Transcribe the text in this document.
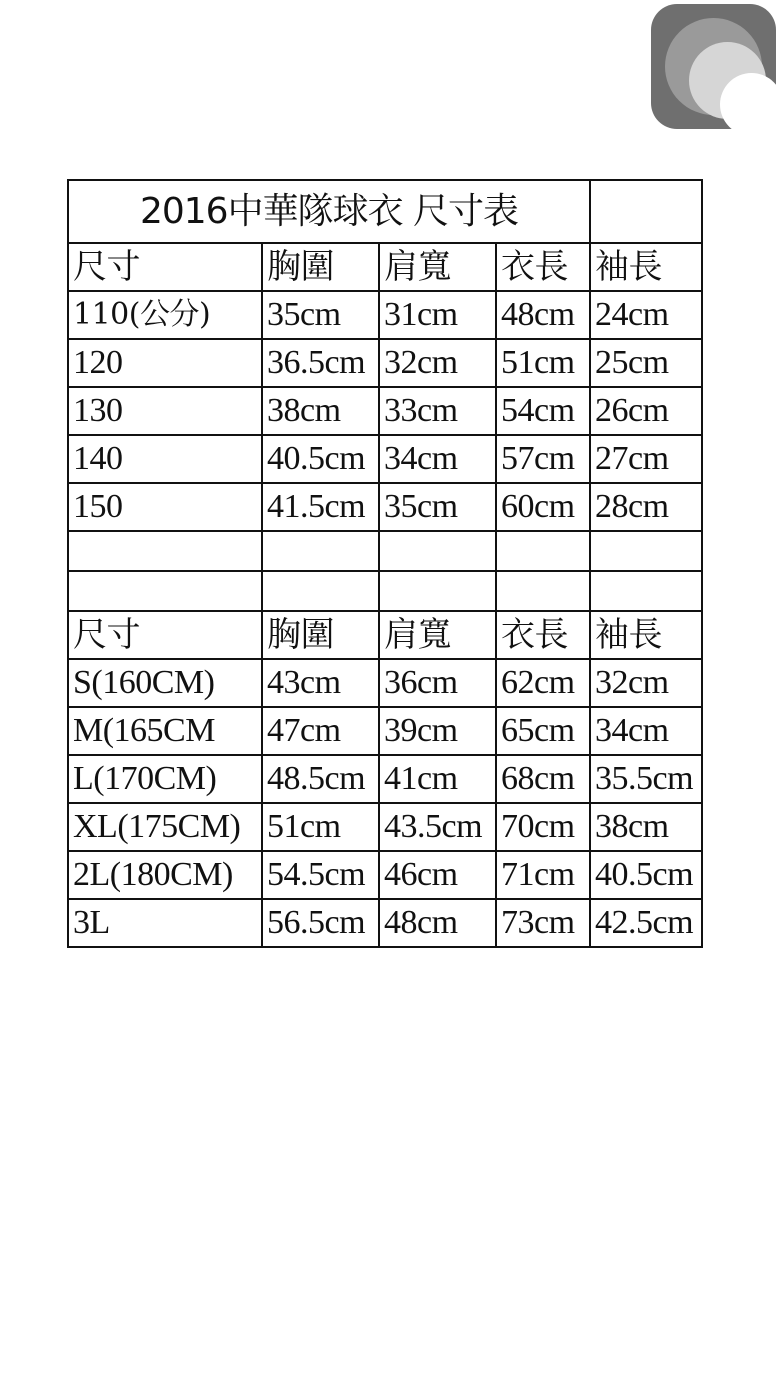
2016中華隊球衣 尺寸表				
尺寸	胸圍	肩寬	衣長	袖長
110(公分)	35cm	31cm	48cm	24cm
120	36.5cm	32cm	51cm	25cm
130	38cm	33cm	54cm	26cm
140	40.5cm	34cm	57cm	27cm
150	41.5cm	35cm	60cm	28cm

尺寸	胸圍	肩寬	衣長	袖長
S(160CM)	43cm	36cm	62cm	32cm
M(165CM	47cm	39cm	65cm	34cm
L(170CM)	48.5cm	41cm	68cm	35.5cm
XL(175CM)	51cm	43.5cm	70cm	38cm
2L(180CM)	54.5cm	46cm	71cm	40.5cm
3L	56.5cm	48cm	73cm	42.5cm
